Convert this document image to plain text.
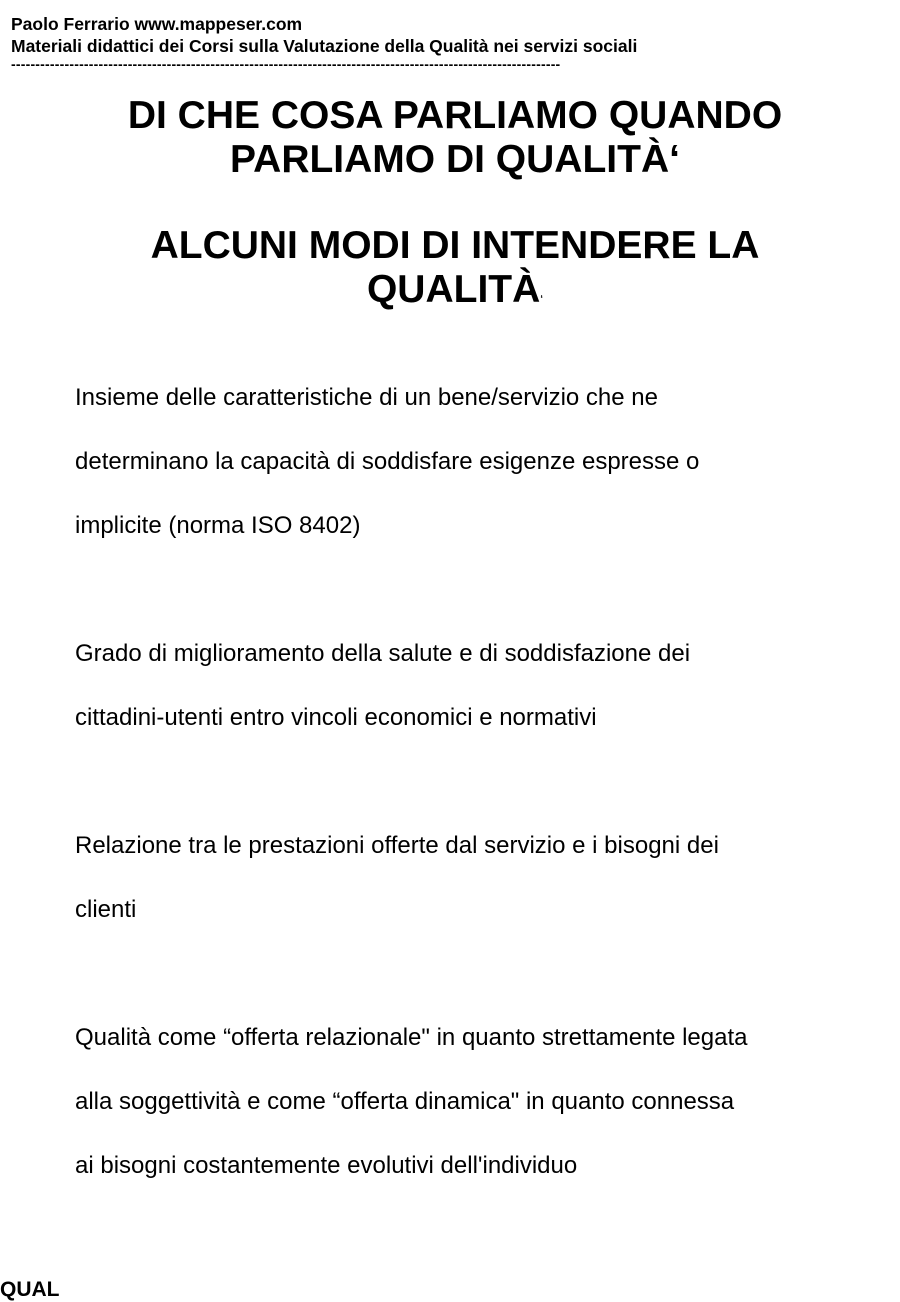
Paolo Ferrario www.mappeser.com
Materiali didattici dei Corsi sulla Valutazione della Qualità nei servizi sociali
-----------------------------------------------------------------------------------------------------------------
DI CHE COSA PARLIAMO QUANDO
PARLIAMO DI QUALITÀ‘
ALCUNI MODI DI INTENDERE LA
QUALITÀ‘

Insieme delle caratteristiche di un bene/servizio che ne
determinano la capacità di soddisfare esigenze espresse o
implicite (norma ISO 8402)

Grado di miglioramento della salute e di soddisfazione dei
cittadini-utenti entro vincoli economici e normativi

Relazione tra le prestazioni offerte dal servizio e i bisogni dei
clienti

Qualità come “offerta relazionale" in quanto strettamente legata
alla soggettività e come “offerta dinamica" in quanto connessa
ai bisogni costantemente evolutivi dell'individuo

QUAL
